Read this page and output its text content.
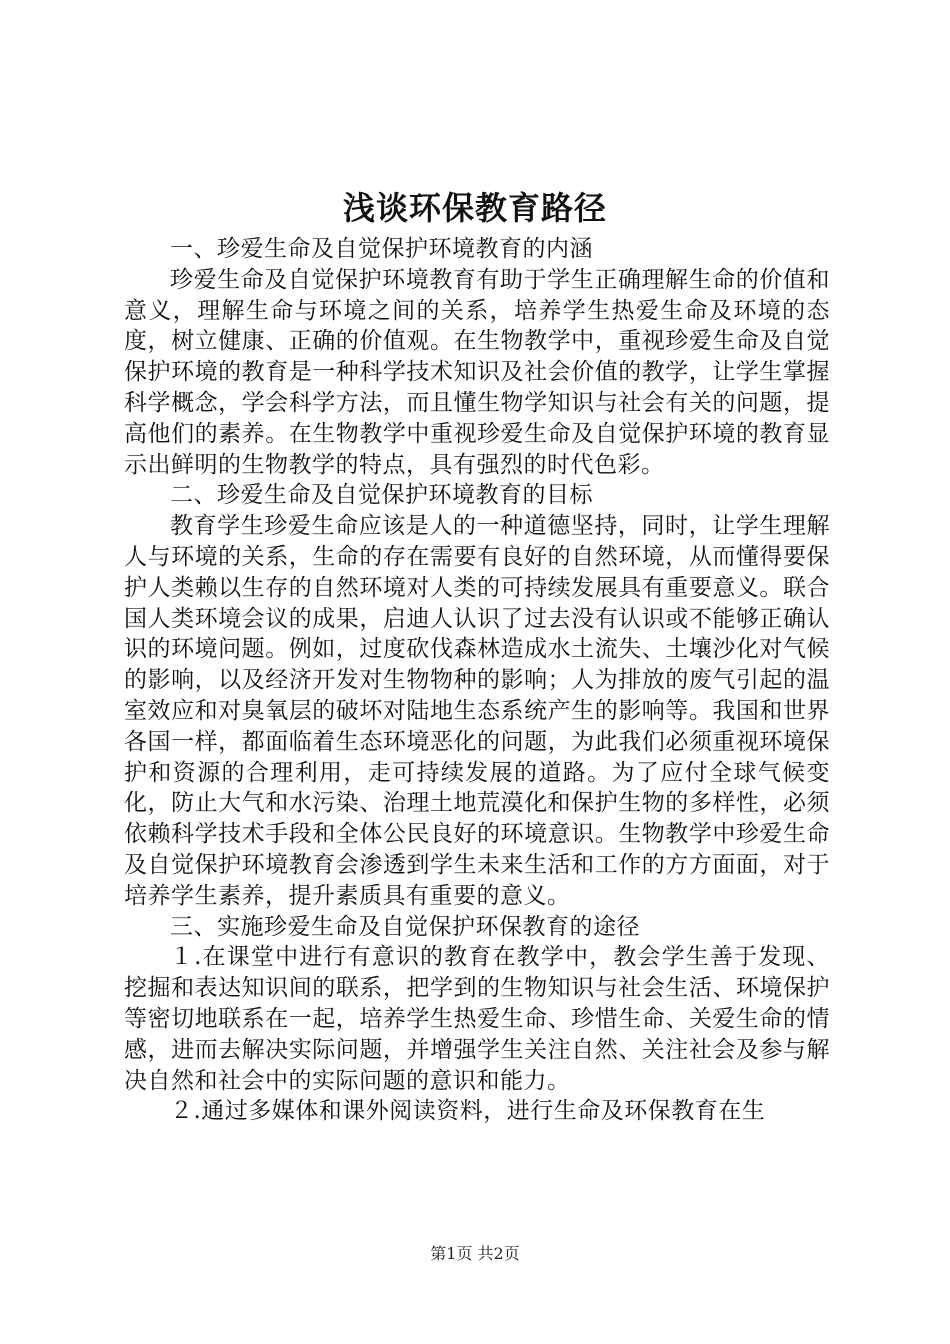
浅谈环保教育路径
一、珍爱生命及自觉保护环境教育的内涵

珍爱生命及自觉保护环境教育有助于学生正确理解生命的价值和意义，理解生命与环境之间的关系，培养学生热爱生命及环境的态度，树立健康、正确的价值观。在生物教学中，重视珍爱生命及自觉保护环境的教育是一种科学技术知识及社会价值的教学，让学生掌握科学概念，学会科学方法，而且懂生物学知识与社会有关的问题，提高他们的素养。在生物教学中重视珍爱生命及自觉保护环境的教育显示出鲜明的生物教学的特点，具有强烈的时代色彩。

二、珍爱生命及自觉保护环境教育的目标

教育学生珍爱生命应该是人的一种道德坚持，同时，让学生理解人与环境的关系，生命的存在需要有良好的自然环境，从而懂得要保护人类赖以生存的自然环境对人类的可持续发展具有重要意义。联合国人类环境会议的成果，启迪人认识了过去没有认识或不能够正确认识的环境问题。例如，过度砍伐森林造成水土流失、土壤沙化对气候的影响，以及经济开发对生物物种的影响；人为排放的废气引起的温室效应和对臭氧层的破坏对陆地生态系统产生的影响等。我国和世界各国一样，都面临着生态环境恶化的问题，为此我们必须重视环境保护和资源的合理利用，走可持续发展的道路。为了应付全球气候变化，防止大气和水污染、治理土地荒漠化和保护生物的多样性，必须依赖科学技术手段和全体公民良好的环境意识。生物教学中珍爱生命及自觉保护环境教育会渗透到学生未来生活和工作的方方面面，对于培养学生素养，提升素质具有重要的意义。

三、实施珍爱生命及自觉保护环保教育的途径

１.在课堂中进行有意识的教育在教学中，教会学生善于发现、挖掘和表达知识间的联系，把学到的生物知识与社会生活、环境保护等密切地联系在一起，培养学生热爱生命、珍惜生命、关爱生命的情感，进而去解决实际问题，并增强学生关注自然、关注社会及参与解决自然和社会中的实际问题的意识和能力。

２.通过多媒体和课外阅读资料，进行生命及环保教育在生

第1页 共2页
